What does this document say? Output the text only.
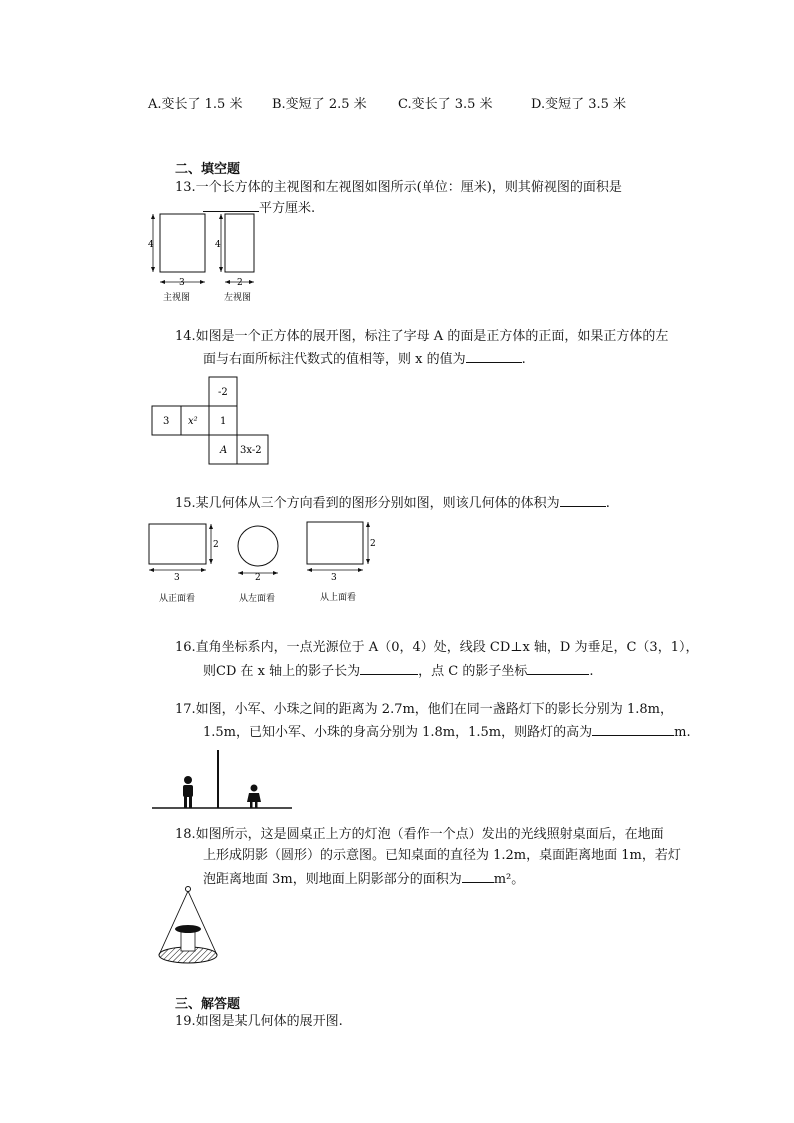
A.变长了 1.5 米 B.变短了 2.5 米 C.变长了 3.5 米	D.变短了 3.5 米
二、填空题
13.一个长方体的主视图和左视图如图所示(单位：厘米)，则其俯视图的面积是
平方厘米.
4
3
主视图
4
2
左视图
14.如图是一个正方体的展开图，标注了字母 A 的面是正方体的正面，如果正方体的左
面与右面所标注代数式的值相等，则 x 的值为	.
-2
3 x² 1
A 3x-2
15.某几何体从三个方向看到的图形分别如图，则该几何体的体积为	.
2
3
从正面看
2
从左面看
2
3
从上面看
16.直角坐标系内，一点光源位于 A（0，4）处，线段 CD⊥x 轴，D 为垂足，C（3，1），
则CD 在 x 轴上的影子长为	，点 C 的影子坐标	.
17.如图，小军、小珠之间的距离为 2.7m，他们在同一盏路灯下的影长分别为 1.8m，
1.5m，已知小军、小珠的身高分别为 1.8m，1.5m，则路灯的高为	m.
18.如图所示，这是圆桌正上方的灯泡（看作一个点）发出的光线照射桌面后，在地面
上形成阴影（圆形）的示意图。已知桌面的直径为 1.2m，桌面距离地面 1m，若灯
泡距离地面 3m，则地面上阴影部分的面积为 m²。
三、解答题
19.如图是某几何体的展开图.
